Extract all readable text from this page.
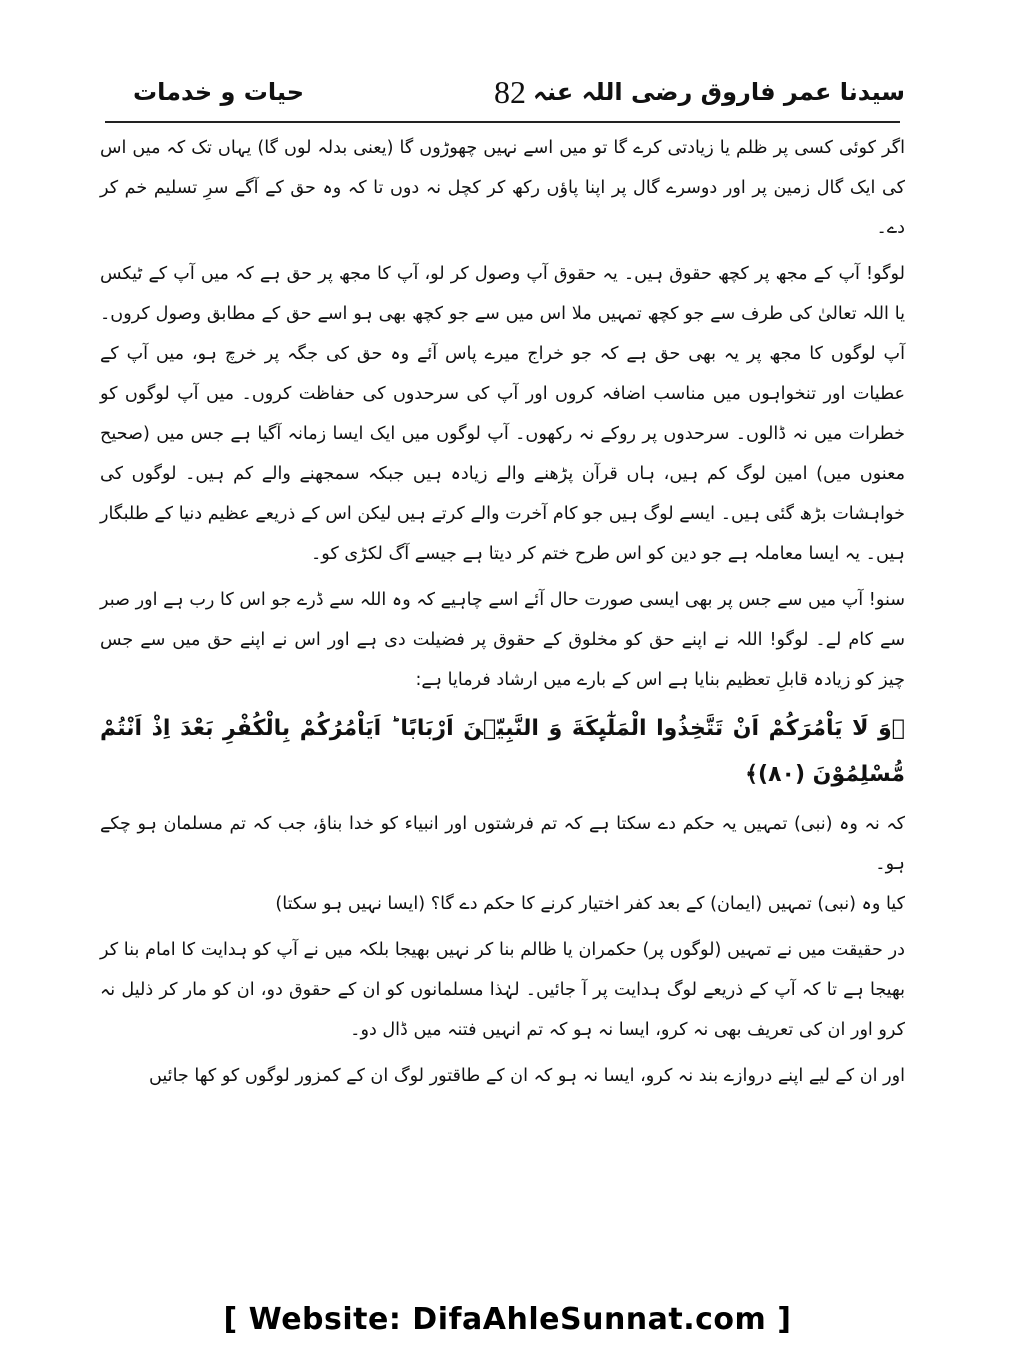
سیدنا عمر فاروق رضی اللہ عنہ
82
حیات و خدمات

اگر کوئی کسی پر ظلم یا زیادتی کرے گا تو میں اسے نہیں چھوڑوں گا (یعنی بدلہ لوں گا) یہاں تک کہ میں اس کی ایک گال زمین پر اور دوسرے گال پر اپنا پاؤں رکھ کر کچل نہ دوں تا کہ وہ حق کے آگے سرِ تسلیم خم کر دے۔

لوگو! آپ کے مجھ پر کچھ حقوق ہیں۔ یہ حقوق آپ وصول کر لو، آپ کا مجھ پر حق ہے کہ میں آپ کے ٹیکس یا اللہ تعالیٰ کی طرف سے جو کچھ تمہیں ملا اس میں سے جو کچھ بھی ہو اسے حق کے مطابق وصول کروں۔ آپ لوگوں کا مجھ پر یہ بھی حق ہے کہ جو خراج میرے پاس آئے وہ حق کی جگہ پر خرچ ہو، میں آپ کے عطیات اور تنخواہوں میں مناسب اضافہ کروں اور آپ کی سرحدوں کی حفاظت کروں۔ میں آپ لوگوں کو خطرات میں نہ ڈالوں۔ سرحدوں پر روکے نہ رکھوں۔ آپ لوگوں میں ایک ایسا زمانہ آگیا ہے جس میں (صحیح معنوں میں) امین لوگ کم ہیں، ہاں قرآن پڑھنے والے زیادہ ہیں جبکہ سمجھنے والے کم ہیں۔ لوگوں کی خواہشات بڑھ گئی ہیں۔ ایسے لوگ ہیں جو کام آخرت والے کرتے ہیں لیکن اس کے ذریعے عظیم دنیا کے طلبگار ہیں۔ یہ ایسا معاملہ ہے جو دین کو اس طرح ختم کر دیتا ہے جیسے آگ لکڑی کو۔

سنو! آپ میں سے جس پر بھی ایسی صورت حال آئے اسے چاہیے کہ وہ اللہ سے ڈرے جو اس کا رب ہے اور صبر سے کام لے۔ لوگو! اللہ نے اپنے حق کو مخلوق کے حقوق پر فضیلت دی ہے اور اس نے اپنے حق میں سے جس چیز کو زیادہ قابلِ تعظیم بنایا ہے اس کے بارے میں ارشاد فرمایا ہے:

﴿وَ لَا یَاْمُرَكُمْ اَنْ تَتَّخِذُوا الْمَلٰٓىِٕكَةَ وَ النَّبِیّٖنَ اَرْبَابًا ؕ اَیَاْمُرُكُمْ بِالْكُفْرِ بَعْدَ اِذْ اَنْتُمْ مُّسْلِمُوْنَ (۸۰)﴾

کہ نہ وہ (نبی) تمہیں یہ حکم دے سکتا ہے کہ تم فرشتوں اور انبیاء کو خدا بناؤ، جب کہ تم مسلمان ہو چکے ہو۔

کیا وہ (نبی) تمہیں (ایمان) کے بعد کفر اختیار کرنے کا حکم دے گا؟ (ایسا نہیں ہو سکتا)

در حقیقت میں نے تمہیں (لوگوں پر) حکمران یا ظالم بنا کر نہیں بھیجا بلکہ میں نے آپ کو ہدایت کا امام بنا کر بھیجا ہے تا کہ آپ کے ذریعے لوگ ہدایت پر آ جائیں۔ لہٰذا مسلمانوں کو ان کے حقوق دو، ان کو مار کر ذلیل نہ کرو اور ان کی تعریف بھی نہ کرو، ایسا نہ ہو کہ تم انہیں فتنہ میں ڈال دو۔

اور ان کے لیے اپنے دروازے بند نہ کرو، ایسا نہ ہو کہ ان کے طاقتور لوگ ان کے کمزور لوگوں کو کھا جائیں

[ Website: DifaAhleSunnat.com ]
